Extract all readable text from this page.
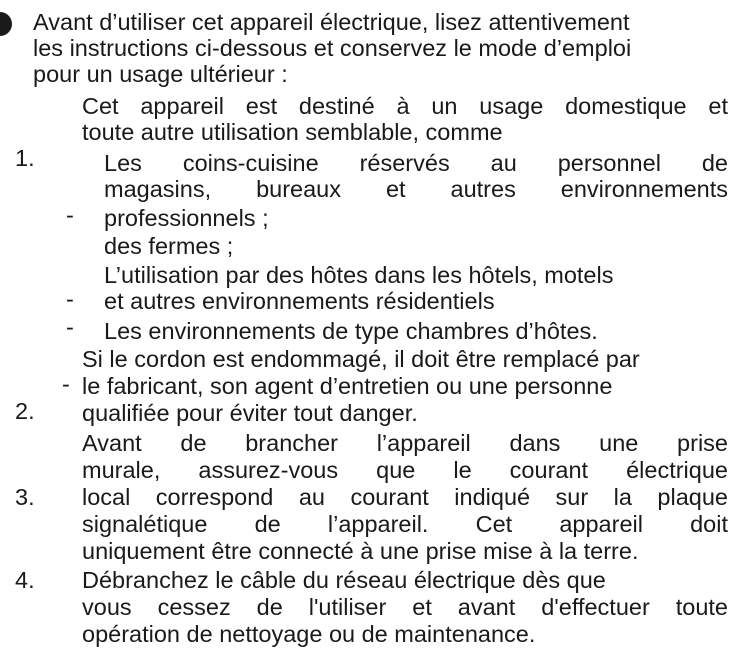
Avant d’utiliser cet appareil électrique, lisez attentivement

les instructions ci-dessous et conservez le mode d’emploi

pour un usage ultérieur :

Cet appareil est destiné à un usage domestique et

toute autre utilisation semblable, comme

1.	Les coins-cuisine réservés au personnel de

magasins, bureaux et autres environnements

- professionnels ;

des fermes ;

L’utilisation par des hôtes dans les hôtels, motels

- et autres environnements résidentiels

- Les environnements de type chambres d’hôtes.

Si le cordon est endommagé, il doit être remplacé par

- le fabricant, son agent d’entretien ou une personne

2. qualifiée pour éviter tout danger.

Avant de brancher l’appareil dans une prise

murale, assurez-vous que le courant électrique

3. local correspond au courant indiqué sur la plaque

signalétique de l’appareil. Cet appareil doit

uniquement être connecté à une prise mise à la terre.

4. Débranchez le câble du réseau électrique dès que

vous cessez de l'utiliser et avant d'effectuer toute

opération de nettoyage ou de maintenance.
